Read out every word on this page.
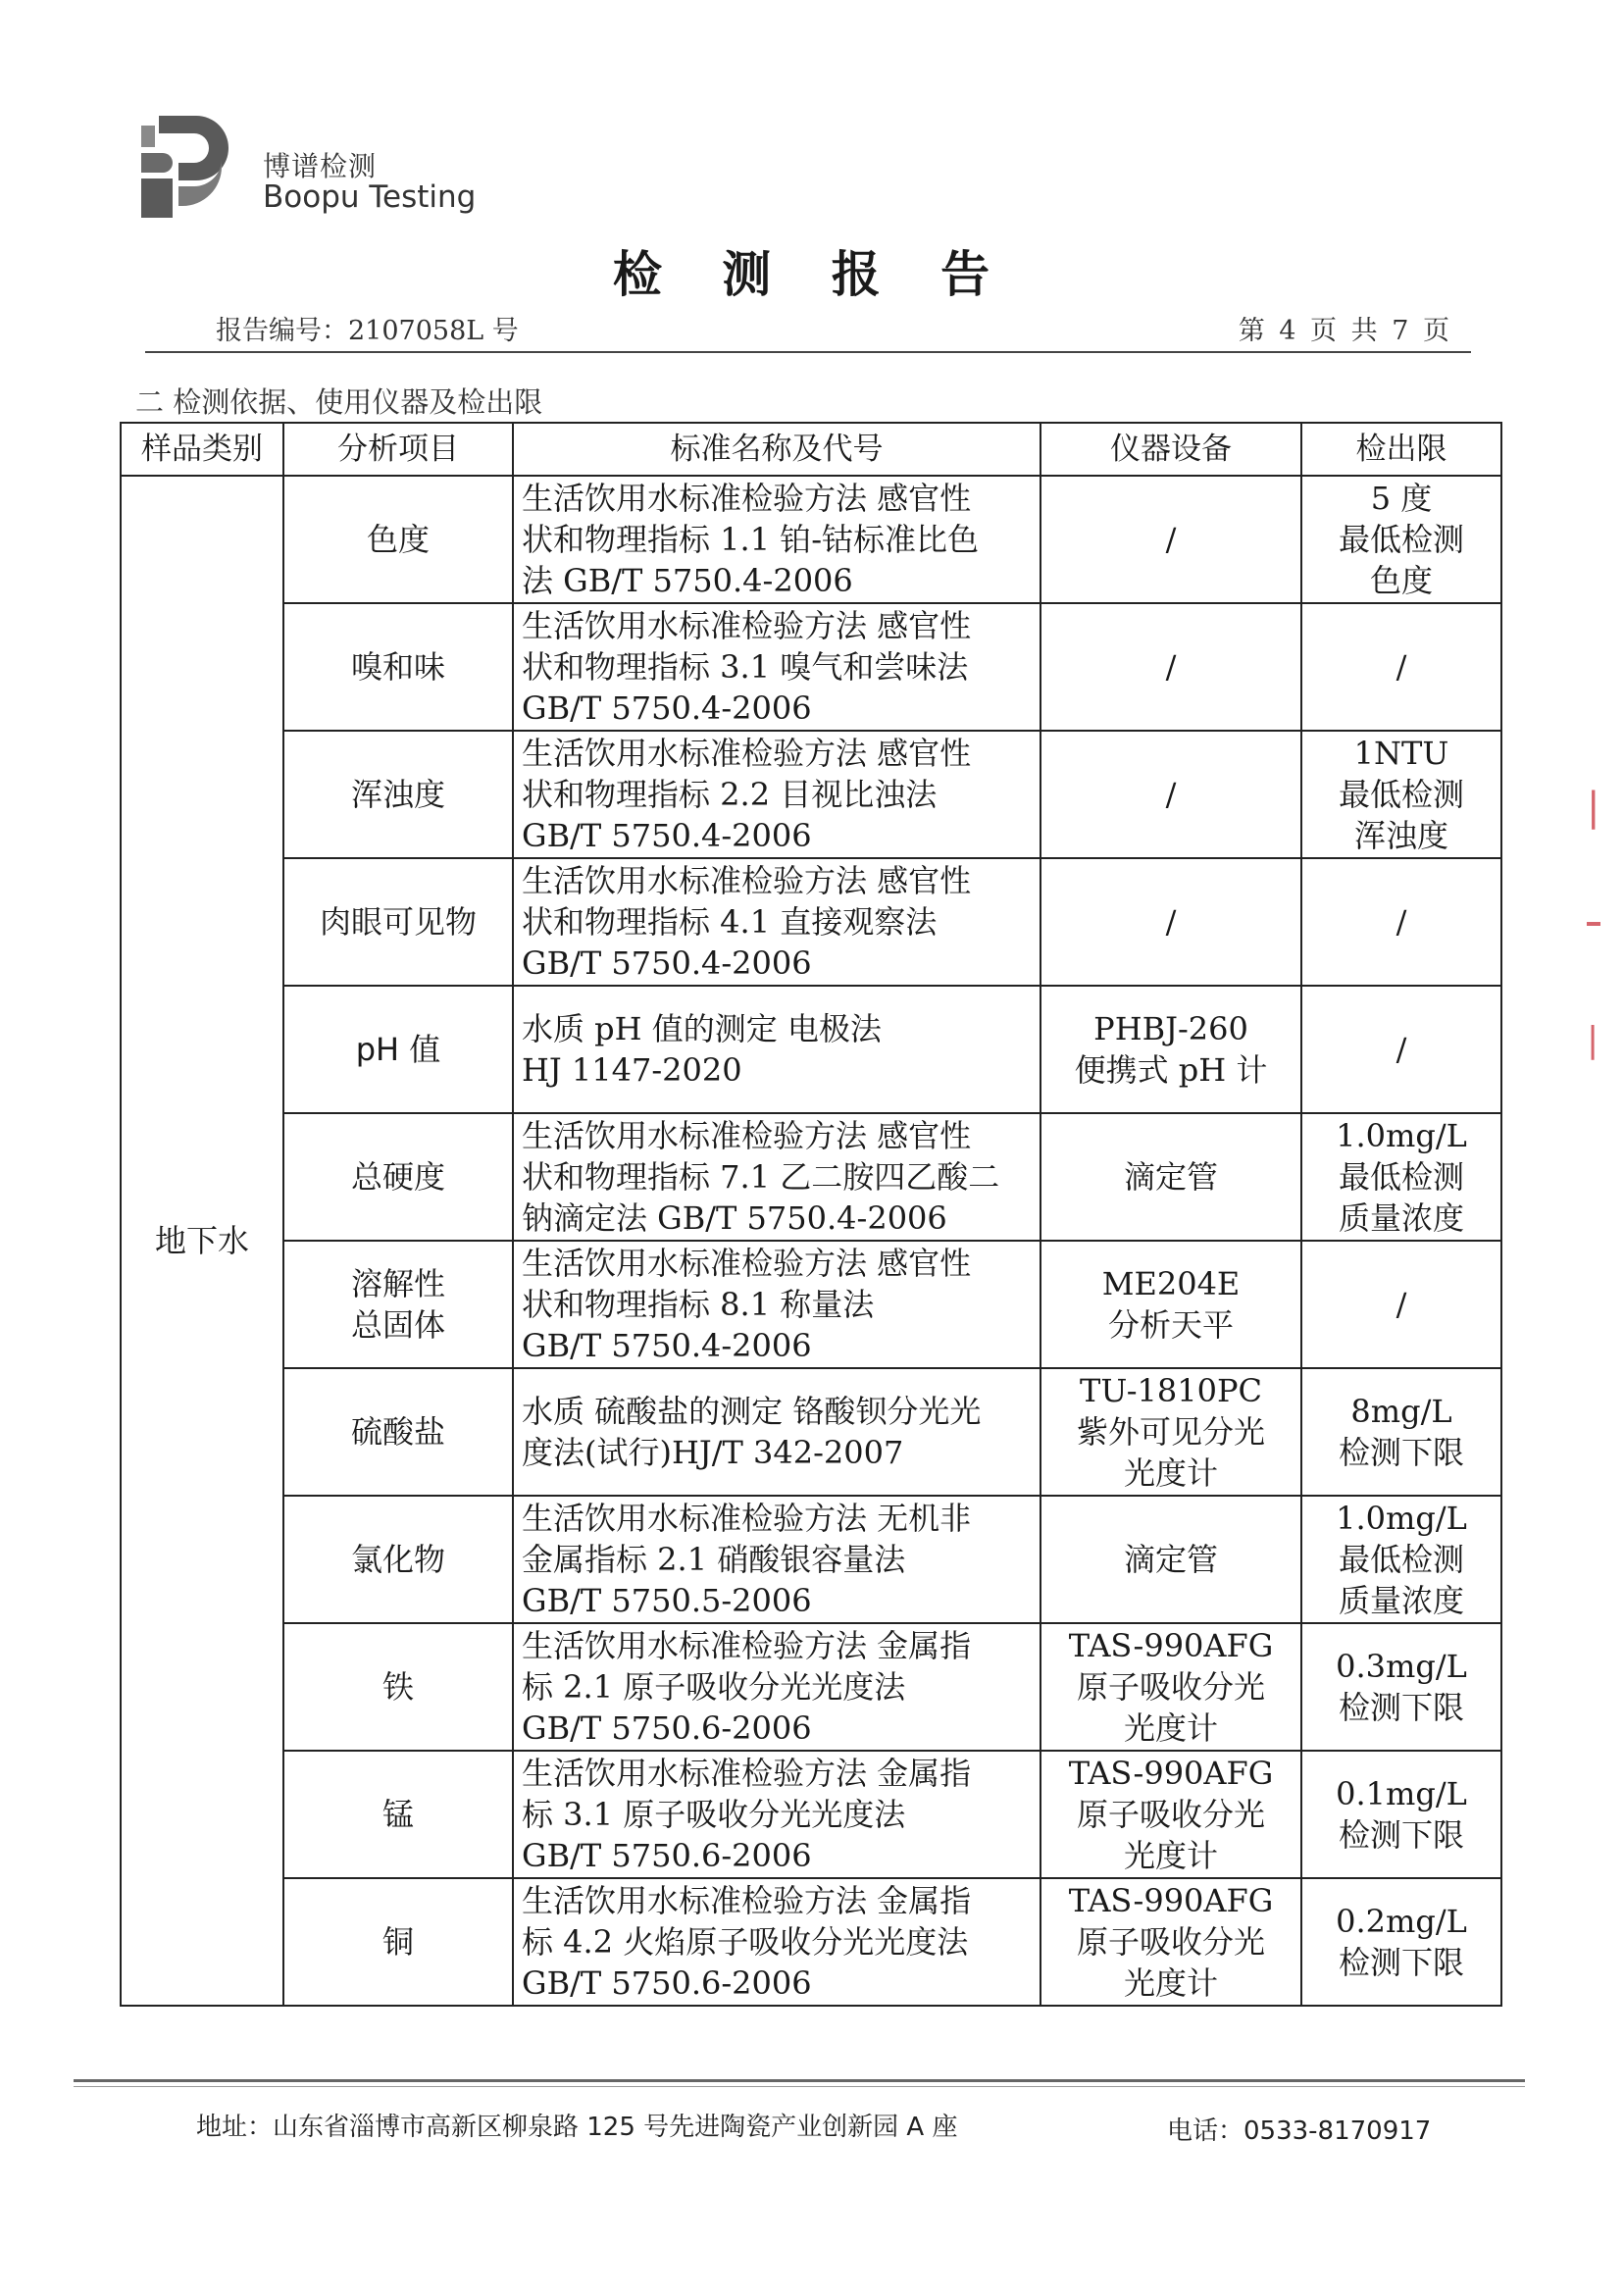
博谱检测
Boopu Testing
检 测 报 告
报告编号：2107058L 号	第 4 页 共 7 页
二 检测依据、使用仪器及检出限
样品类别	分析项目	标准名称及代号	仪器设备	检出限
地下水	色度	生活饮用水标准检验方法 感官性
状和物理指标 1.1 铂-钴标准比色
法 GB/T 5750.4-2006	/	5 度
最低检测
色度
	嗅和味	生活饮用水标准检验方法 感官性
状和物理指标 3.1 嗅气和尝味法
GB/T 5750.4-2006	/	/
	浑浊度	生活饮用水标准检验方法 感官性
状和物理指标 2.2 目视比浊法
GB/T 5750.4-2006	/	1NTU
最低检测
浑浊度
	肉眼可见物	生活饮用水标准检验方法 感官性
状和物理指标 4.1 直接观察法
GB/T 5750.4-2006	/	/
	pH 值	水质 pH 值的测定 电极法
HJ 1147-2020	PHBJ-260
便携式 pH 计	/
	总硬度	生活饮用水标准检验方法 感官性
状和物理指标 7.1 乙二胺四乙酸二
钠滴定法 GB/T 5750.4-2006	滴定管	1.0mg/L
最低检测
质量浓度
	溶解性
总固体	生活饮用水标准检验方法 感官性
状和物理指标 8.1 称量法
GB/T 5750.4-2006	ME204E
分析天平	/
	硫酸盐	水质 硫酸盐的测定 铬酸钡分光光
度法(试行)HJ/T 342-2007	TU-1810PC
紫外可见分光
光度计	8mg/L
检测下限
	氯化物	生活饮用水标准检验方法 无机非
金属指标 2.1 硝酸银容量法
GB/T 5750.5-2006	滴定管	1.0mg/L
最低检测
质量浓度
	铁	生活饮用水标准检验方法 金属指
标 2.1 原子吸收分光光度法
GB/T 5750.6-2006	TAS-990AFG
原子吸收分光
光度计	0.3mg/L
检测下限
	锰	生活饮用水标准检验方法 金属指
标 3.1 原子吸收分光光度法
GB/T 5750.6-2006	TAS-990AFG
原子吸收分光
光度计	0.1mg/L
检测下限
	铜	生活饮用水标准检验方法 金属指
标 4.2 火焰原子吸收分光光度法
GB/T 5750.6-2006	TAS-990AFG
原子吸收分光
光度计	0.2mg/L
检测下限
地址：山东省淄博市高新区柳泉路 125 号先进陶瓷产业创新园 A 座	电话：0533-8170917
|
|
